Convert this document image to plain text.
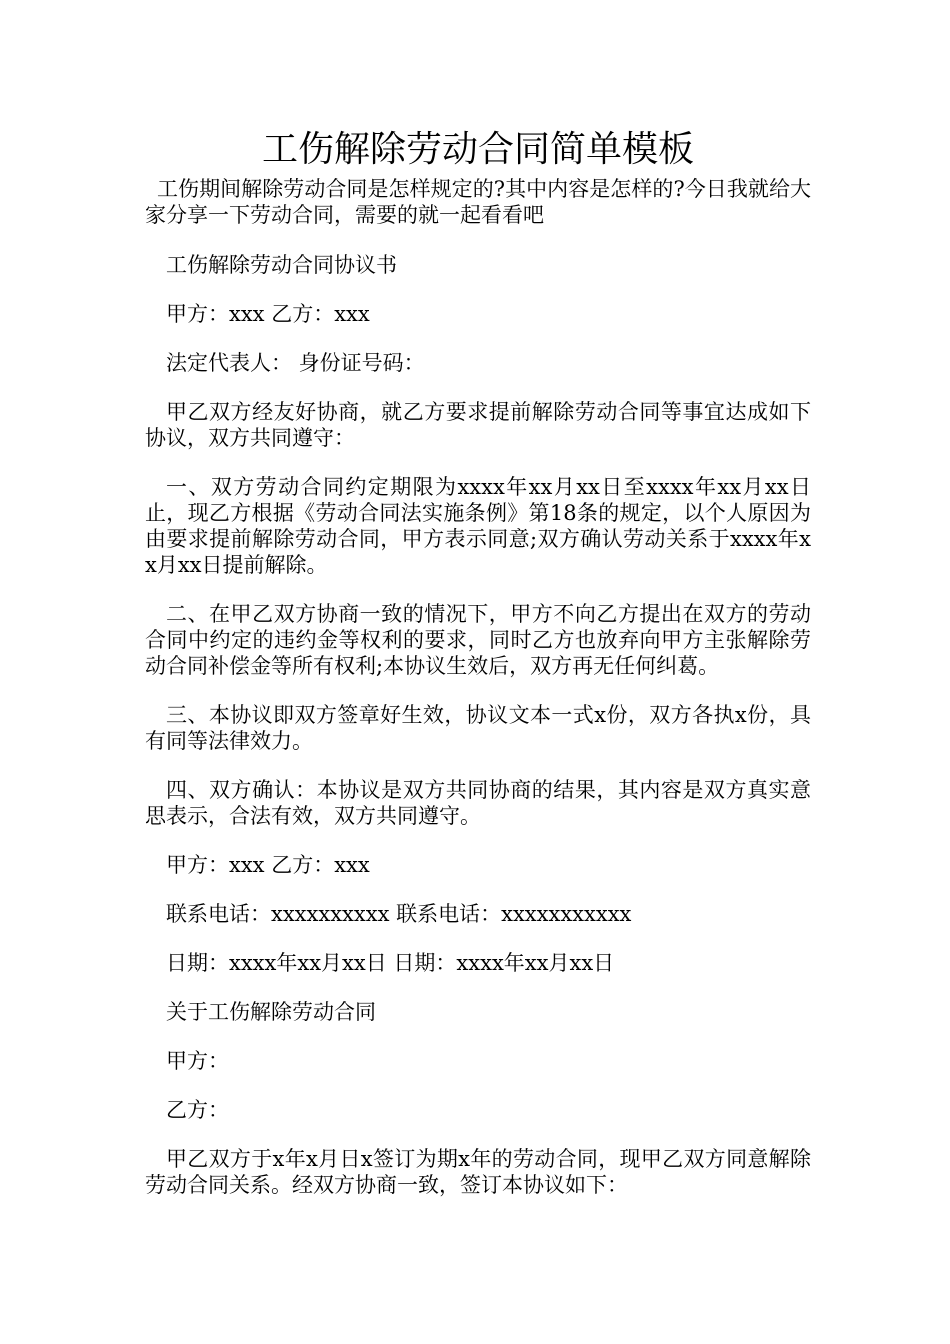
工伤解除劳动合同简单模板

工伤期间解除劳动合同是怎样规定的?其中内容是怎样的?今日我就给大家分享一下劳动合同，需要的就一起看看吧

工伤解除劳动合同协议书

甲方：xxx 乙方：xxx

法定代表人： 身份证号码：

甲乙双方经友好协商，就乙方要求提前解除劳动合同等事宜达成如下协议，双方共同遵守：

一、双方劳动合同约定期限为xxxx年xx月xx日至xxxx年xx月xx日止，现乙方根据《劳动合同法实施条例》第18条的规定，以个人原因为由要求提前解除劳动合同，甲方表示同意;双方确认劳动关系于xxxx年xx月xx日提前解除。

二、在甲乙双方协商一致的情况下，甲方不向乙方提出在双方的劳动合同中约定的违约金等权利的要求，同时乙方也放弃向甲方主张解除劳动合同补偿金等所有权利;本协议生效后，双方再无任何纠葛。

三、本协议即双方签章好生效，协议文本一式x份，双方各执x份，具有同等法律效力。

四、双方确认：本协议是双方共同协商的结果，其内容是双方真实意思表示，合法有效，双方共同遵守。

甲方：xxx 乙方：xxx

联系电话：xxxxxxxxxx 联系电话：xxxxxxxxxxx

日期：xxxx年xx月xx日 日期：xxxx年xx月xx日

关于工伤解除劳动合同

甲方：

乙方：

甲乙双方于x年x月日x签订为期x年的劳动合同，现甲乙双方同意解除劳动合同关系。经双方协商一致，签订本协议如下：
